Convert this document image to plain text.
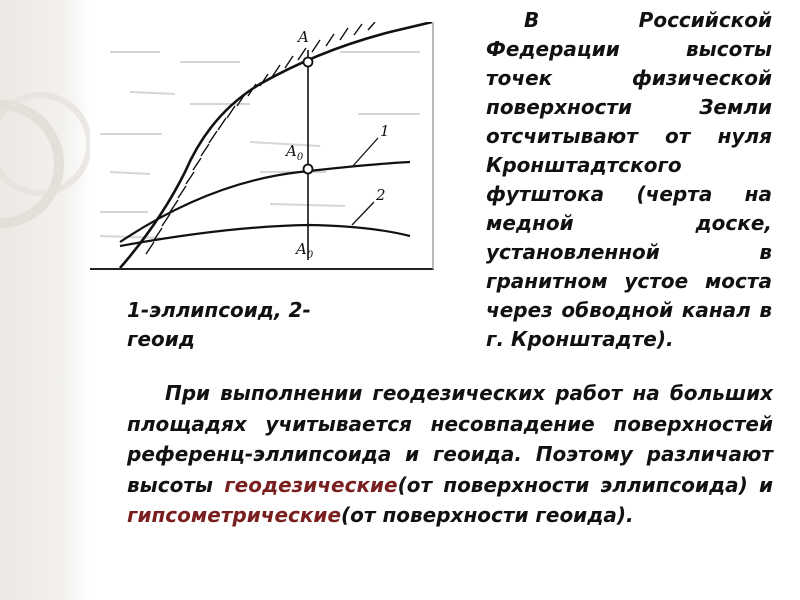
A
$A_0$
$A_0$
1
2
В Российской Федерации высоты точек физической поверхности Земли отсчитывают от нуля Кронштадтского футштока (черта на медной доске, установленной в гранитном устое моста через обводной канал в г. Кронштадте).
1-эллипсоид, 2-
геоид
При выполнении геодезических работ на больших площадях учитывается несовпадение поверхностей референц-эллипсоида и геоида. Поэтому различают высоты геодезические(от поверхности эллипсоида) и гипсометрические(от поверхности геоида).
